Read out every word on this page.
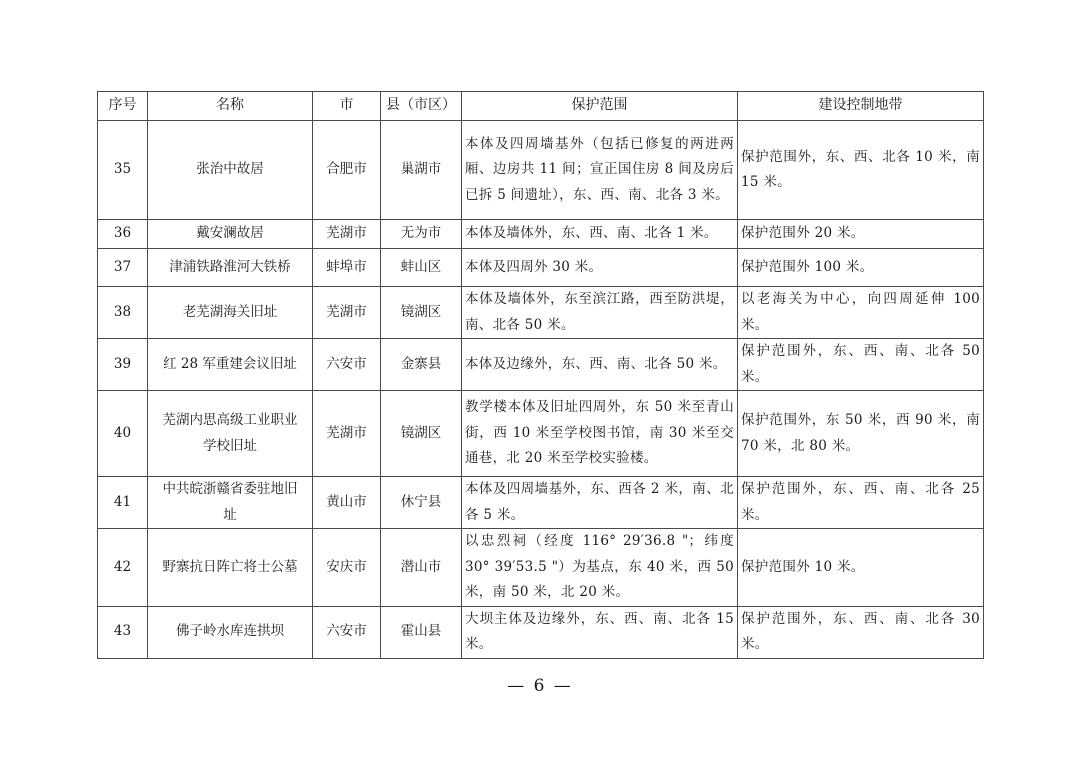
序号	名称	市	县（市区）	保护范围	建设控制地带
35	张治中故居	合肥市	巢湖市	本体及四周墙基外（包括已修复的两进两厢、边房共 11 间；宣正国住房 8 间及房后已拆 5 间遗址），东、西、南、北各 3 米。	保护范围外，东、西、北各 10 米，南 15 米。
36	戴安澜故居	芜湖市	无为市	本体及墙体外，东、西、南、北各 1 米。	保护范围外 20 米。
37	津浦铁路淮河大铁桥	蚌埠市	蚌山区	本体及四周外 30 米。	保护范围外 100 米。
38	老芜湖海关旧址	芜湖市	镜湖区	本体及墙体外，东至滨江路，西至防洪堤，南、北各 50 米。	以老海关为中心，向四周延伸 100 米。
39	红 28 军重建会议旧址	六安市	金寨县	本体及边缘外，东、西、南、北各 50 米。	保护范围外，东、西、南、北各 50 米。
40	芜湖内思高级工业职业学校旧址	芜湖市	镜湖区	教学楼本体及旧址四周外，东 50 米至青山街，西 10 米至学校图书馆，南 30 米至交通巷，北 20 米至学校实验楼。	保护范围外，东 50 米，西 90 米，南 70 米，北 80 米。
41	中共皖浙赣省委驻地旧址	黄山市	休宁县	本体及四周墙基外，东、西各 2 米，南、北各 5 米。	保护范围外，东、西、南、北各 25 米。
42	野寨抗日阵亡将士公墓	安庆市	潜山市	以忠烈祠（经度 116° 29′36.8 "；纬度 30° 39′53.5 "）为基点，东 40 米，西 50 米，南 50 米，北 20 米。	保护范围外 10 米。
43	佛子岭水库连拱坝	六安市	霍山县	大坝主体及边缘外，东、西、南、北各 15 米。	保护范围外，东、西、南、北各 30 米。
— 6 —
